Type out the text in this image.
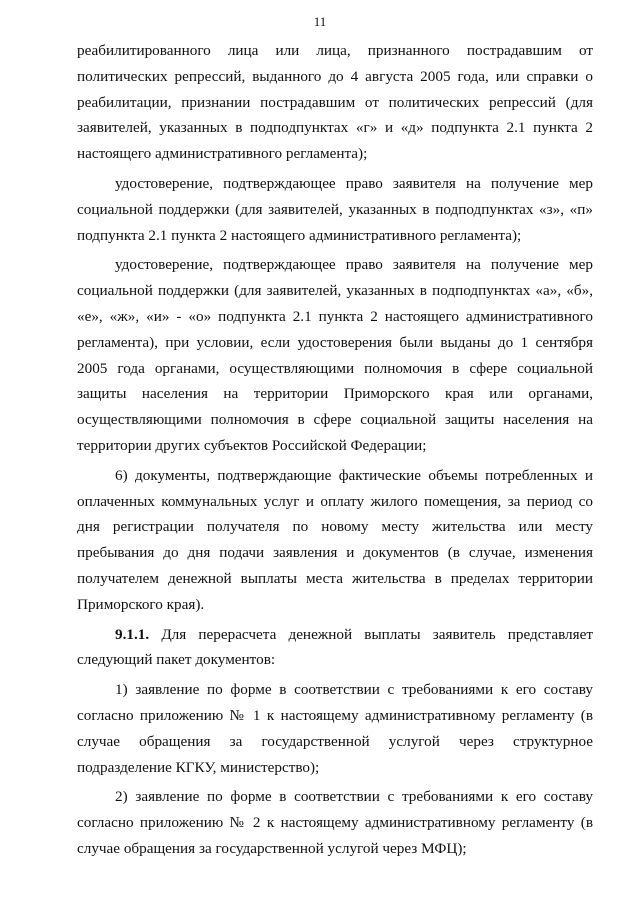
11

реабилитированного лица или лица, признанного пострадавшим от политических репрессий, выданного до 4 августа 2005 года, или справки о реабилитации, признании пострадавшим от политических репрессий (для заявителей, указанных в подподпунктах «г» и «д» подпункта 2.1 пункта 2 настоящего административного регламента);

удостоверение, подтверждающее право заявителя на получение мер социальной поддержки (для заявителей, указанных в подподпунктах «з», «п» подпункта 2.1 пункта 2 настоящего административного регламента);

удостоверение, подтверждающее право заявителя на получение мер социальной поддержки (для заявителей, указанных в подподпунктах «а», «б», «е», «ж», «и» - «о» подпункта 2.1 пункта 2 настоящего административного регламента), при условии, если удостоверения были выданы до 1 сентября 2005 года органами, осуществляющими полномочия в сфере социальной защиты населения на территории Приморского края или органами, осуществляющими полномочия в сфере социальной защиты населения на территории других субъектов Российской Федерации;

6) документы, подтверждающие фактические объемы потребленных и оплаченных коммунальных услуг и оплату жилого помещения, за период со дня регистрации получателя по новому месту жительства или месту пребывания до дня подачи заявления и документов (в случае, изменения получателем денежной выплаты места жительства в пределах территории Приморского края).

9.1.1. Для перерасчета денежной выплаты заявитель представляет следующий пакет документов:

1) заявление по форме в соответствии с требованиями к его составу согласно приложению № 1 к настоящему административному регламенту (в случае обращения за государственной услугой через структурное подразделение КГКУ, министерство);

2) заявление по форме в соответствии с требованиями к его составу согласно приложению № 2 к настоящему административному регламенту (в случае обращения за государственной услугой через МФЦ);
